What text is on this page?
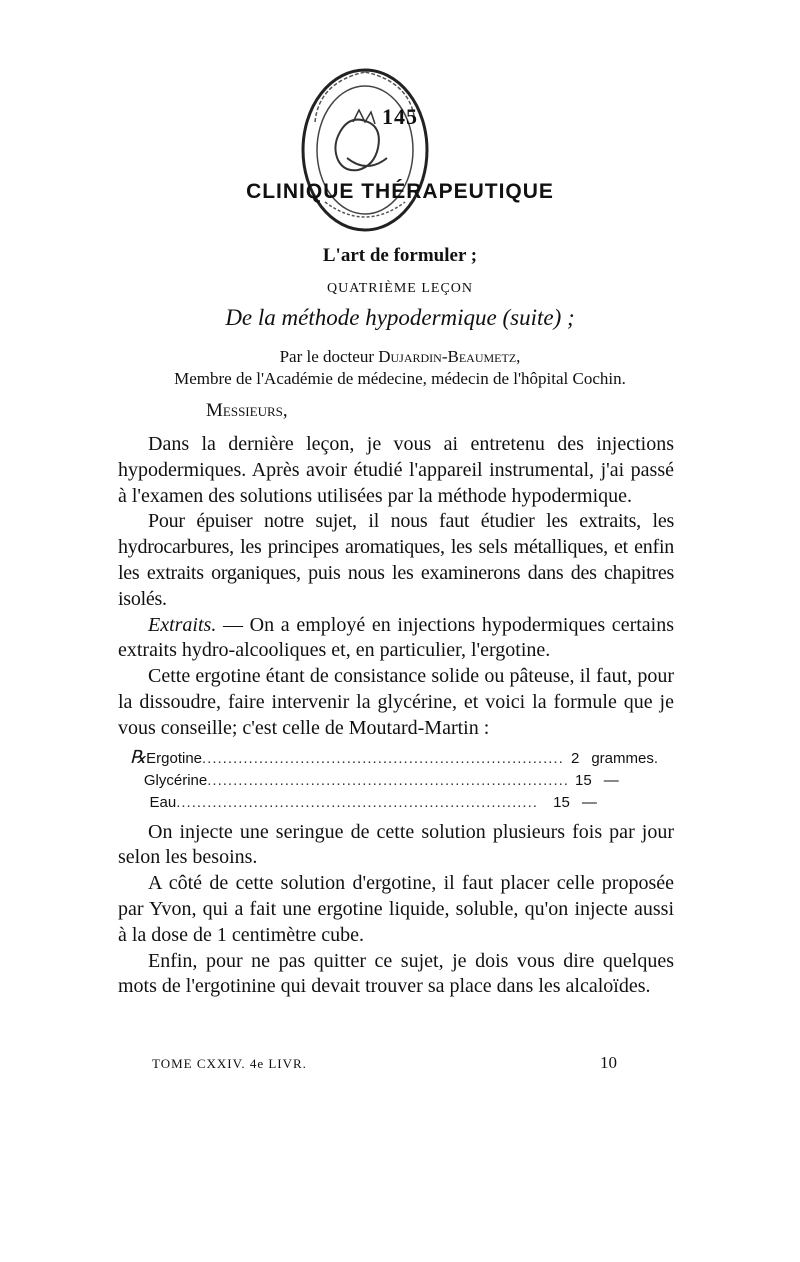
145
CLINIQUE THÉRAPEUTIQUE
L'art de formuler ;
QUATRIÈME LEÇON
De la méthode hypodermique (suite) ;
Par le docteur Dujardin-Beaumetz,
Membre de l'Académie de médecine, médecin de l'hôpital Cochin.
Messieurs,

Dans la dernière leçon, je vous ai entretenu des injections hypodermiques. Après avoir étudié l'appareil instrumental, j'ai passé à l'examen des solutions utilisées par la méthode hypodermique.

Pour épuiser notre sujet, il nous faut étudier les extraits, les hydrocarbures, les principes aromatiques, les sels métalliques, et enfin les extraits organiques, puis nous les examinerons dans des chapitres isolés.

Extraits. — On a employé en injections hypodermiques certains extraits hydro-alcooliques et, en particulier, l'ergotine.

Cette ergotine étant de consistance solide ou pâteuse, il faut, pour la dissoudre, faire intervenir la glycérine, et voici la formule que je vous conseille; c'est celle de Moutard-Martin :

℞ Ergotine ...................................................................... 2 grammes.
Glycérine ...................................................................... 15 —
Eau ......................................................................	15 —

On injecte une seringue de cette solution plusieurs fois par jour selon les besoins.

A côté de cette solution d'ergotine, il faut placer celle proposée par Yvon, qui a fait une ergotine liquide, soluble, qu'on injecte aussi à la dose de 1 centimètre cube.

Enfin, pour ne pas quitter ce sujet, je dois vous dire quelques mots de l'ergotinine qui devait trouver sa place dans les alcaloïdes.

TOME CXXIV. 4e LIVR.	10
